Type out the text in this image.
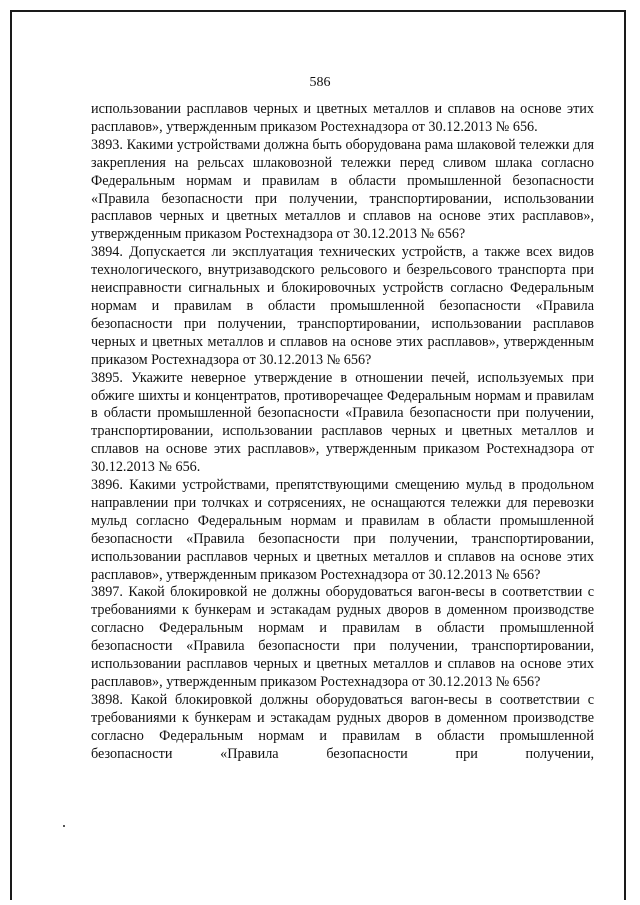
586

использовании расплавов черных и цветных металлов и сплавов на основе этих расплавов», утвержденным приказом Ростехнадзора от 30.12.2013 № 656.

3893. Какими устройствами должна быть оборудована рама шлаковой тележки для закрепления на рельсах шлаковозной тележки перед сливом шлака согласно Федеральным нормам и правилам в области промышленной безопасности «Правила безопасности при получении, транспортировании, использовании расплавов черных и цветных металлов и сплавов на основе этих расплавов», утвержденным приказом Ростехнадзора от 30.12.2013 № 656?

3894. Допускается ли эксплуатация технических устройств, а также всех видов технологического, внутризаводского рельсового и безрельсового транспорта при неисправности сигнальных и блокировочных устройств согласно Федеральным нормам и правилам в области промышленной безопасности «Правила безопасности при получении, транспортировании, использовании расплавов черных и цветных металлов и сплавов на основе этих расплавов», утвержденным приказом Ростехнадзора от 30.12.2013 № 656?

3895. Укажите неверное утверждение в отношении печей, используемых при обжиге шихты и концентратов, противоречащее Федеральным нормам и правилам в области промышленной безопасности «Правила безопасности при получении, транспортировании, использовании расплавов черных и цветных металлов и сплавов на основе этих расплавов», утвержденным приказом Ростехнадзора от 30.12.2013 № 656.

3896. Какими устройствами, препятствующими смещению мульд в продольном направлении при толчках и сотрясениях, не оснащаются тележки для перевозки мульд согласно Федеральным нормам и правилам в области промышленной безопасности «Правила безопасности при получении, транспортировании, использовании расплавов черных и цветных металлов и сплавов на основе этих расплавов», утвержденным приказом Ростехнадзора от 30.12.2013 № 656?

3897. Какой блокировкой не должны оборудоваться вагон-весы в соответствии с требованиями к бункерам и эстакадам рудных дворов в доменном производстве согласно Федеральным нормам и правилам в области промышленной безопасности «Правила безопасности при получении, транспортировании, использовании расплавов черных и цветных металлов и сплавов на основе этих расплавов», утвержденным приказом Ростехнадзора от 30.12.2013 № 656?

3898. Какой блокировкой должны оборудоваться вагон-весы в соответствии с требованиями к бункерам и эстакадам рудных дворов в доменном производстве согласно Федеральным нормам и правилам в области промышленной безопасности «Правила безопасности при получении,
